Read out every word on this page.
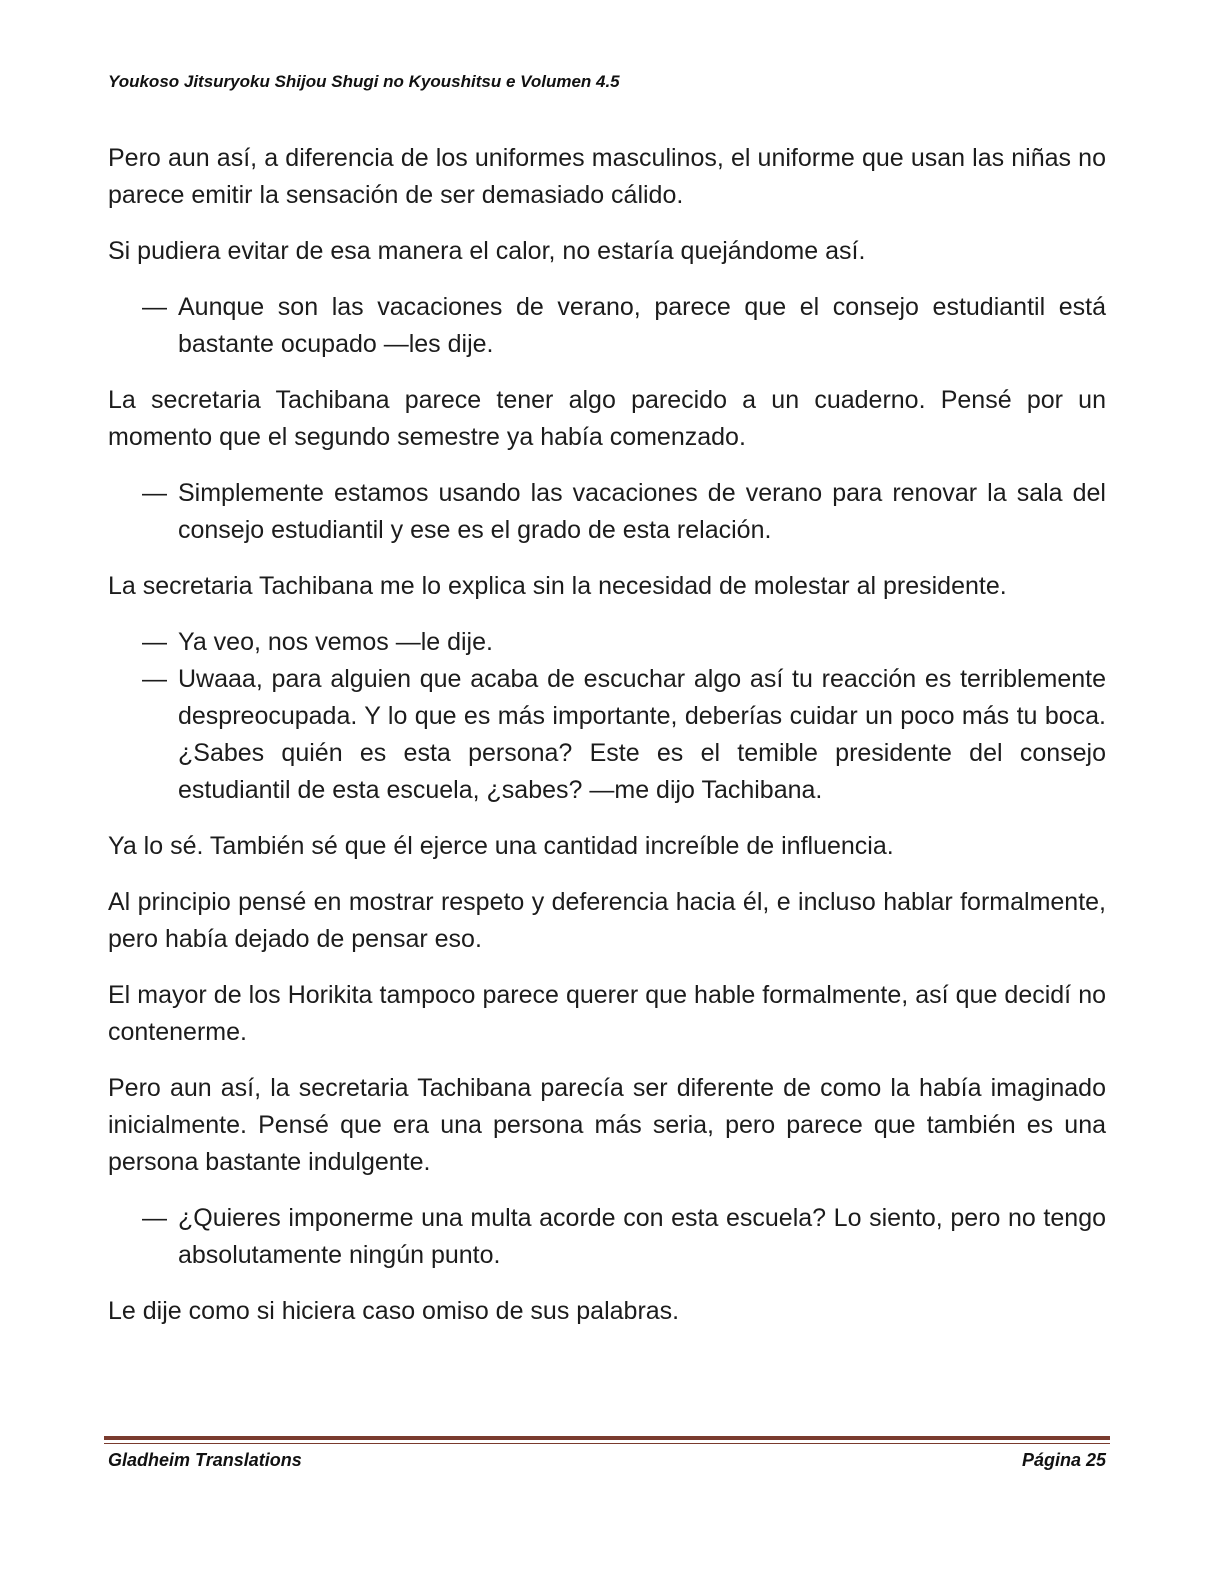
Youkoso Jitsuryoku Shijou Shugi no Kyoushitsu e Volumen 4.5

Pero aun así, a diferencia de los uniformes masculinos, el uniforme que usan las niñas no parece emitir la sensación de ser demasiado cálido.

Si pudiera evitar de esa manera el calor, no estaría quejándome así.

— Aunque son las vacaciones de verano, parece que el consejo estudiantil está bastante ocupado —les dije.

La secretaria Tachibana parece tener algo parecido a un cuaderno. Pensé por un momento que el segundo semestre ya había comenzado.

— Simplemente estamos usando las vacaciones de verano para renovar la sala del consejo estudiantil y ese es el grado de esta relación.

La secretaria Tachibana me lo explica sin la necesidad de molestar al presidente.

— Ya veo, nos vemos —le dije.
— Uwaaa, para alguien que acaba de escuchar algo así tu reacción es terriblemente despreocupada. Y lo que es más importante, deberías cuidar un poco más tu boca. ¿Sabes quién es esta persona? Este es el temible presidente del consejo estudiantil de esta escuela, ¿sabes? —me dijo Tachibana.

Ya lo sé. También sé que él ejerce una cantidad increíble de influencia.

Al principio pensé en mostrar respeto y deferencia hacia él, e incluso hablar formalmente, pero había dejado de pensar eso.

El mayor de los Horikita tampoco parece querer que hable formalmente, así que decidí no contenerme.

Pero aun así, la secretaria Tachibana parecía ser diferente de como la había imaginado inicialmente. Pensé que era una persona más seria, pero parece que también es una persona bastante indulgente.

— ¿Quieres imponerme una multa acorde con esta escuela? Lo siento, pero no tengo absolutamente ningún punto.

Le dije como si hiciera caso omiso de sus palabras.

Gladheim Translations	Página 25
